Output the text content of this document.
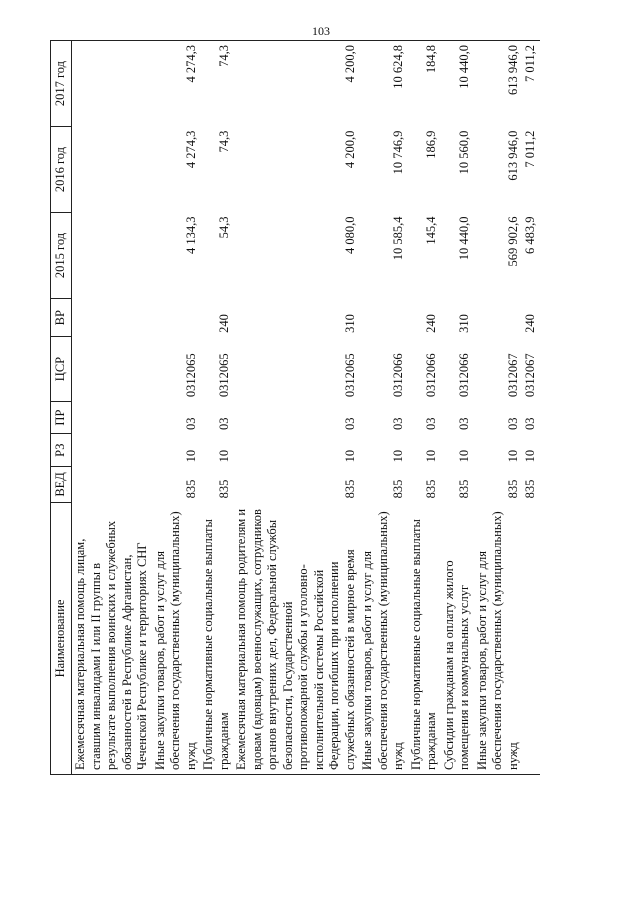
103
Наименование	ВЕД	РЗ	ПР	ЦСР	ВР	2015 год	2016 год	2017 год
Ежемесячная материальная помощь лицам, ставшим инвалидами I или II группы в результате выполнения воинских и служебных обязанностей в Республике Афганистан, Чеченской Республике и территориях СНГ								
Иные закупки товаров, работ и услуг для обеспечения государственных (муниципальных) нужд	835	10	03	0312065		4 134,3	4 274,3	4 274,3
Публичные нормативные социальные выплаты гражданам	835	10	03	0312065	240	54,3	74,3	74,3
Ежемесячная материальная помощь родителям и вдовам (вдовцам) военнослужащих, сотрудников органов внутренних дел, Федеральной службы безопасности, Государственной противопожарной службы и уголовно-исполнительной системы Российской Федерации, погибших при исполнении служебных обязанностей в мирное время	835	10	03	0312065	310	4 080,0	4 200,0	4 200,0
Иные закупки товаров, работ и услуг для обеспечения государственных (муниципальных) нужд	835	10	03	0312066		10 585,4	10 746,9	10 624,8
Публичные нормативные социальные выплаты гражданам	835	10	03	0312066	240	145,4	186,9	184,8
Субсидии гражданам на оплату жилого помещения и коммунальных услуг	835	10	03	0312066	310	10 440,0	10 560,0	10 440,0
Иные закупки товаров, работ и услуг для обеспечения государственных (муниципальных) нужд	835	10	03	0312067		569 902,6	613 946,0	613 946,0
	835	10	03	0312067	240	6 483,9	7 011,2	7 011,2
